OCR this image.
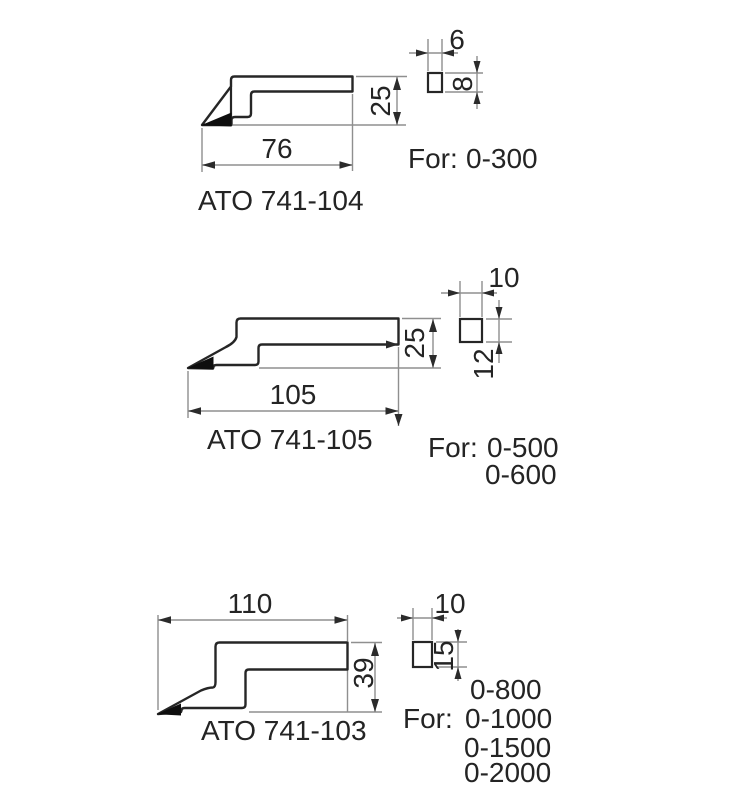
76
25
6
8
ATO 741-104
For: 0-300
105
25
10
12
ATO 741-105 For: 0-500
0-600
110
39
10
15
ATO 741-103
0-800
For: 0-1000
0-1500
0-2000
